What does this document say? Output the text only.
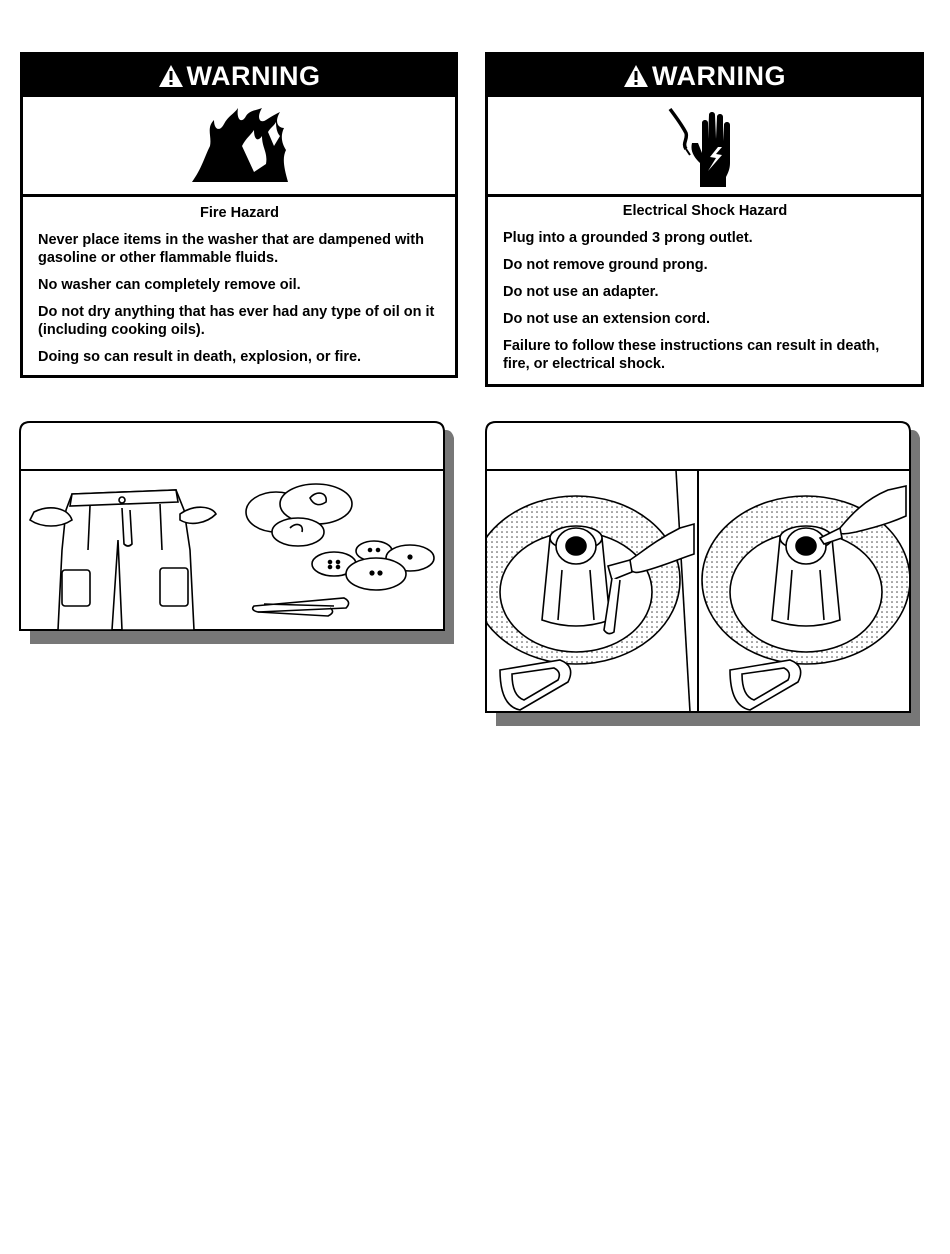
WARNING

Fire Hazard

Never place items in the washer that are dampened with gasoline or other flammable fluids.

No washer can completely remove oil.

Do not dry anything that has ever had any type of oil on it (including cooking oils).

Doing so can result in death, explosion, or fire.

WARNING

Electrical Shock Hazard

Plug into a grounded 3 prong outlet.

Do not remove ground prong.

Do not use an adapter.

Do not use an extension cord.

Failure to follow these instructions can result in death, fire, or electrical shock.
